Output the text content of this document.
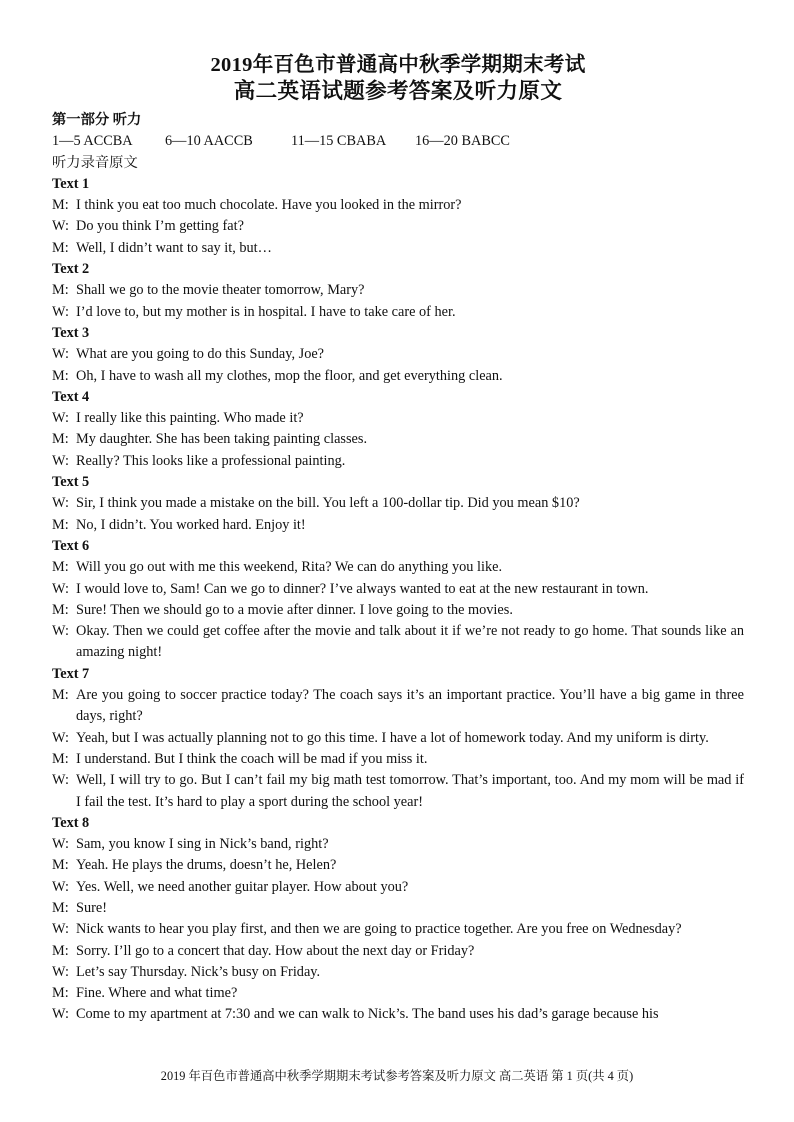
2019年百色市普通高中秋季学期期末考试
高二英语试题参考答案及听力原文

第一部分 听力

1—5 ACCBA 6—10 AACCB	11—15 CBABA 16—20 BABCC

听力录音原文

Text 1

M: I think you eat too much chocolate. Have you looked in the mirror?
W: Do you think I’m getting fat?
M: Well, I didn’t want to say it, but…

Text 2

M: Shall we go to the movie theater tomorrow, Mary?
W: I’d love to, but my mother is in hospital. I have to take care of her.

Text 3

W: What are you going to do this Sunday, Joe?
M: Oh, I have to wash all my clothes, mop the floor, and get everything clean.

Text 4

W: I really like this painting. Who made it?
M: My daughter. She has been taking painting classes.
W: Really? This looks like a professional painting.

Text 5

W: Sir, I think you made a mistake on the bill. You left a 100-dollar tip. Did you mean $10?
M: No, I didn’t. You worked hard. Enjoy it!

Text 6

M: Will you go out with me this weekend, Rita? We can do anything you like.
W: I would love to, Sam! Can we go to dinner? I’ve always wanted to eat at the new restaurant in town.
M: Sure! Then we should go to a movie after dinner. I love going to the movies.
W: Okay. Then we could get coffee after the movie and talk about it if we’re not ready to go home. That sounds like an amazing night!

Text 7

M: Are you going to soccer practice today? The coach says it’s an important practice. You’ll have a big game in three days, right?
W: Yeah, but I was actually planning not to go this time. I have a lot of homework today. And my uniform is dirty.
M: I understand. But I think the coach will be mad if you miss it.
W: Well, I will try to go. But I can’t fail my big math test tomorrow. That’s important, too. And my mom will be mad if I fail the test. It’s hard to play a sport during the school year!

Text 8

W: Sam, you know I sing in Nick’s band, right?
M: Yeah. He plays the drums, doesn’t he, Helen?
W: Yes. Well, we need another guitar player. How about you?
M: Sure!
W: Nick wants to hear you play first, and then we are going to practice together. Are you free on Wednesday?
M: Sorry. I’ll go to a concert that day. How about the next day or Friday?
W: Let’s say Thursday. Nick’s busy on Friday.
M: Fine. Where and what time?
W: Come to my apartment at 7:30 and we can walk to Nick’s. The band uses his dad’s garage because his
2019 年百色市普通高中秋季学期期末考试参考答案及听力原文 高二英语 第 1 页(共 4 页)
